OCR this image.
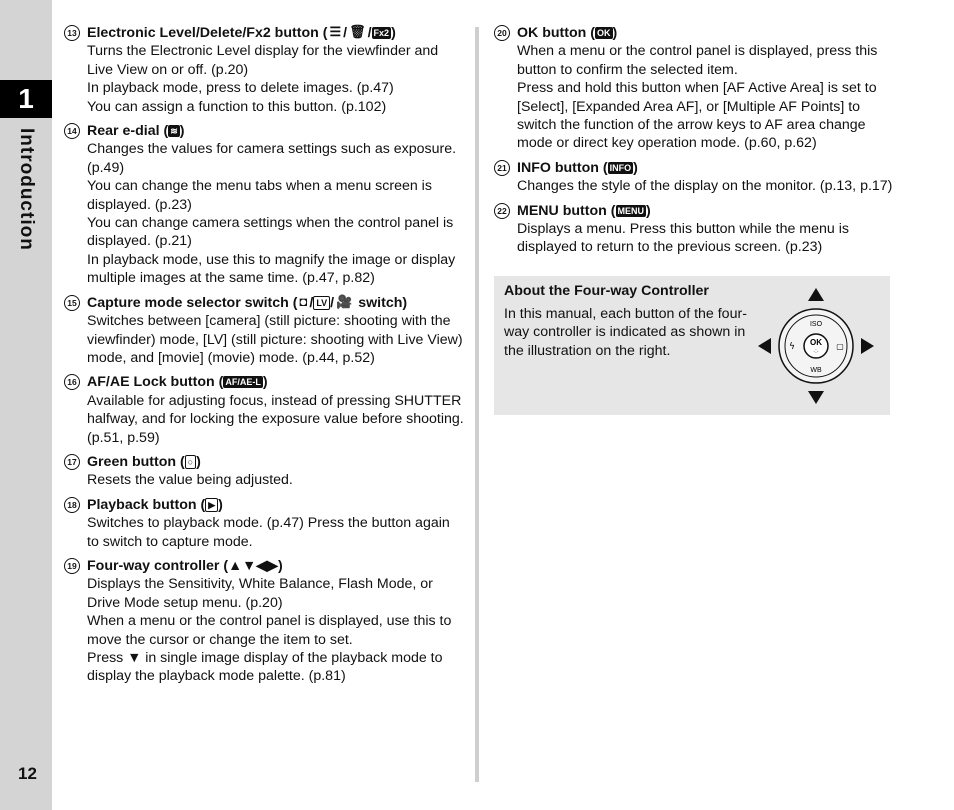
1
Introduction
12
13 Electronic Level/Delete/Fx2 button ( ☰ / 🗑 / Fx2 )
Turns the Electronic Level display for the viewfinder and Live View on or off. (p.20)
In playback mode, press to delete images. (p.47)
You can assign a function to this button. (p.102)
14 Rear e-dial ( ≋ )
Changes the values for camera settings such as exposure. (p.49)
You can change the menu tabs when a menu screen is displayed. (p.23)
You can change camera settings when the control panel is displayed. (p.21)
In playback mode, use this to magnify the image or display multiple images at the same time. (p.47, p.82)
15 Capture mode selector switch ( ◘ / LV / 🎥 switch)
Switches between [camera] (still picture: shooting with the viewfinder) mode, [LV] (still picture: shooting with Live View) mode, and [movie] (movie) mode. (p.44, p.52)
16 AF/AE Lock button ( AF/AE-L )
Available for adjusting focus, instead of pressing SHUTTER halfway, and for locking the exposure value before shooting. (p.51, p.59)
17 Green button ( ○ )
Resets the value being adjusted.
18 Playback button ( ▶ )
Switches to playback mode. (p.47) Press the button again to switch to capture mode.
19 Four-way controller (▲▼◀▶)
Displays the Sensitivity, White Balance, Flash Mode, or Drive Mode setup menu. (p.20)
When a menu or the control panel is displayed, use this to move the cursor or change the item to set.
Press ▼ in single image display of the playback mode to display the playback mode palette. (p.81)
20 OK button ( OK )
When a menu or the control panel is displayed, press this button to confirm the selected item.
Press and hold this button when [AF Active Area] is set to [Select], [Expanded Area AF], or [Multiple AF Points] to switch the function of the arrow keys to AF area change mode or direct key operation mode. (p.60, p.62)
21 INFO button ( INFO )
Changes the style of the display on the monitor. (p.13, p.17)
22 MENU button ( MENU )
Displays a menu. Press this button while the menu is displayed to return to the previous screen. (p.23)
About the Four-way Controller
In this manual, each button of the four-way controller is indicated as shown in the illustration on the right.
OK
·:·
ISO
WB
ϟ	▢
